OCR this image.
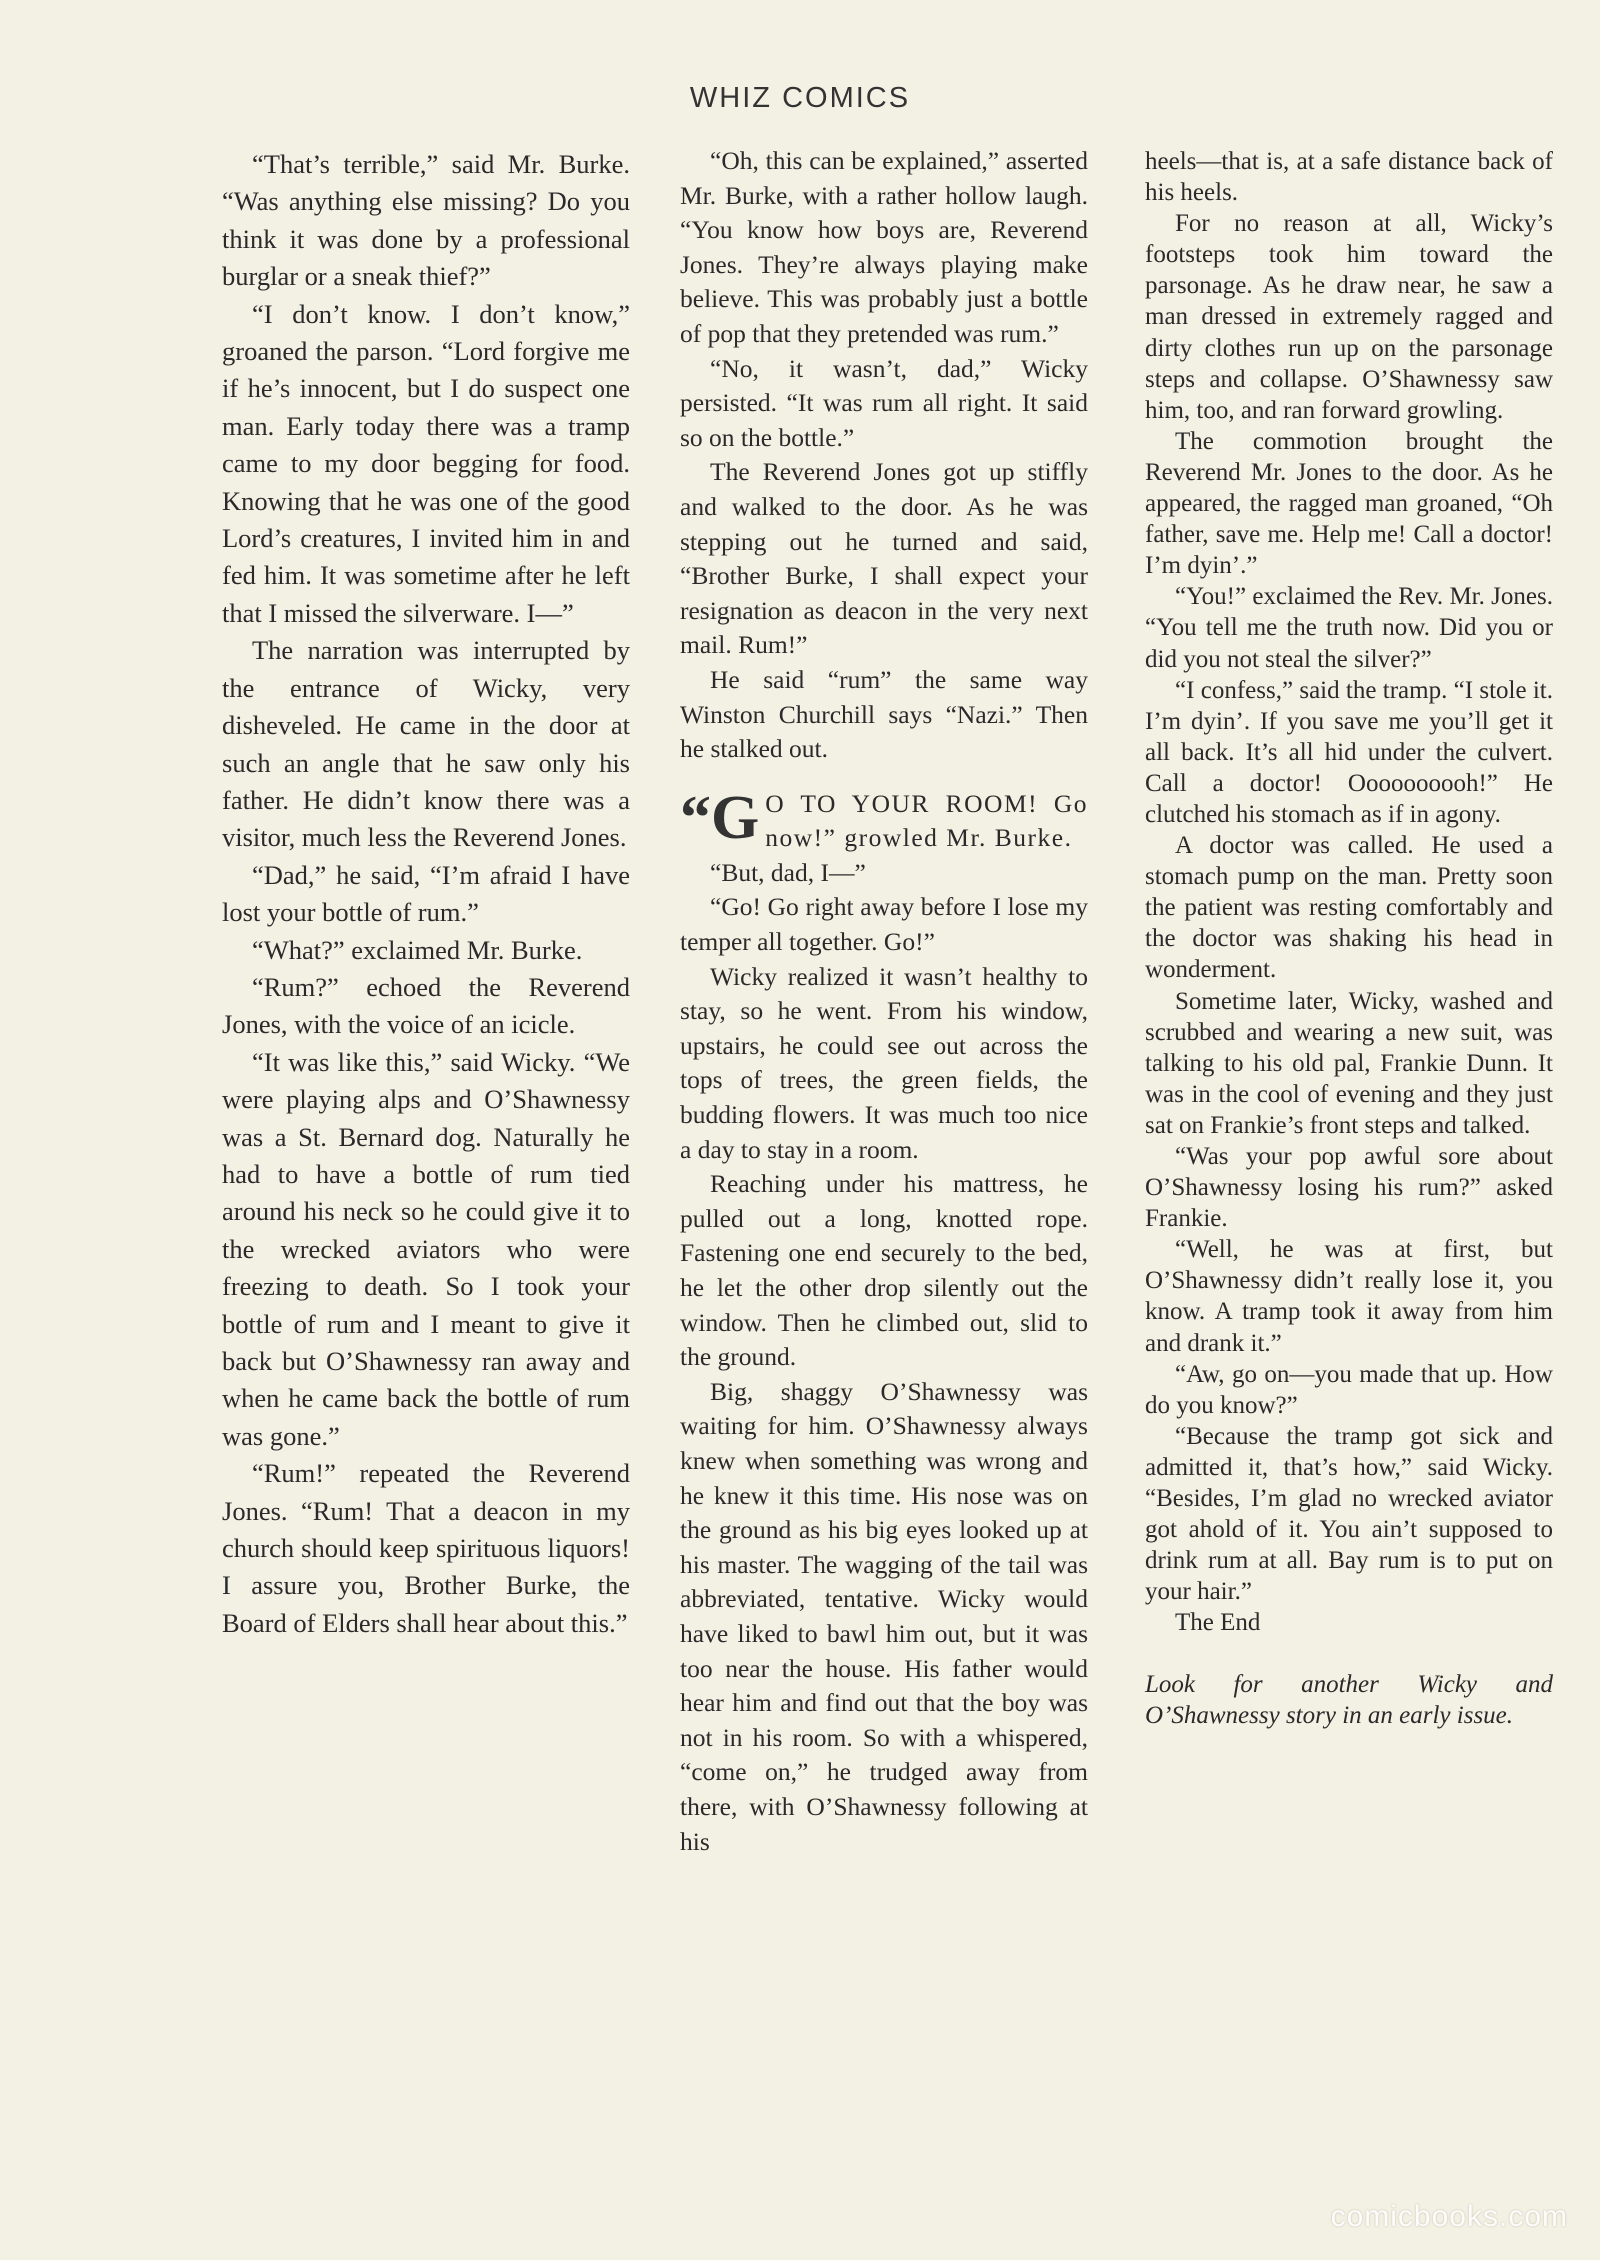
WHIZ COMICS

“That’s terrible,” said Mr. Burke. “Was anything else missing? Do you think it was done by a professional burglar or a sneak thief?”

“I don’t know. I don’t know,” groaned the parson. “Lord forgive me if he’s innocent, but I do suspect one man. Early today there was a tramp came to my door begging for food. Knowing that he was one of the good Lord’s creatures, I invited him in and fed him. It was sometime after he left that I missed the silverware. I—”

The narration was interrupted by the entrance of Wicky, very disheveled. He came in the door at such an angle that he saw only his father. He didn’t know there was a visitor, much less the Reverend Jones.

“Dad,” he said, “I’m afraid I have lost your bottle of rum.”

“What?” exclaimed Mr. Burke.

“Rum?” echoed the Reverend Jones, with the voice of an icicle.

“It was like this,” said Wicky. “We were playing alps and O’Shawnessy was a St. Bernard dog. Naturally he had to have a bottle of rum tied around his neck so he could give it to the wrecked aviators who were freezing to death. So I took your bottle of rum and I meant to give it back but O’Shawnessy ran away and when he came back the bottle of rum was gone.”

“Rum!” repeated the Reverend Jones. “Rum! That a deacon in my church should keep spirituous liquors! I assure you, Brother Burke, the Board of Elders shall hear about this.”

“Oh, this can be explained,” asserted Mr. Burke, with a rather hollow laugh. “You know how boys are, Reverend Jones. They’re always playing make believe. This was probably just a bottle of pop that they pretended was rum.”

“No, it wasn’t, dad,” Wicky persisted. “It was rum all right. It said so on the bottle.”

The Reverend Jones got up stiffly and walked to the door. As he was stepping out he turned and said, “Brother Burke, I shall expect your resignation as deacon in the very next mail. Rum!”

He said “rum” the same way Winston Churchill says “Nazi.” Then he stalked out.

“G O TO YOUR ROOM! Go now!” growled Mr. Burke.

“But, dad, I—”

“Go! Go right away before I lose my temper all together. Go!”

Wicky realized it wasn’t healthy to stay, so he went. From his window, upstairs, he could see out across the tops of trees, the green fields, the budding flowers. It was much too nice a day to stay in a room.

Reaching under his mattress, he pulled out a long, knotted rope. Fastening one end securely to the bed, he let the other drop silently out the window. Then he climbed out, slid to the ground.

Big, shaggy O’Shawnessy was waiting for him. O’Shawnessy always knew when something was wrong and he knew it this time. His nose was on the ground as his big eyes looked up at his master. The wagging of the tail was abbreviated, tentative. Wicky would have liked to bawl him out, but it was too near the house. His father would hear him and find out that the boy was not in his room. So with a whispered, “come on,” he trudged away from there, with O’Shawnessy following at his

heels—that is, at a safe distance back of his heels.

For no reason at all, Wicky’s footsteps took him toward the parsonage. As he draw near, he saw a man dressed in extremely ragged and dirty clothes run up on the parsonage steps and collapse. O’Shawnessy saw him, too, and ran forward growling.

The commotion brought the Reverend Mr. Jones to the door. As he appeared, the ragged man groaned, “Oh father, save me. Help me! Call a doctor! I’m dyin’.”

“You!” exclaimed the Rev. Mr. Jones. “You tell me the truth now. Did you or did you not steal the silver?”

“I confess,” said the tramp. “I stole it. I’m dyin’. If you save me you’ll get it all back. It’s all hid under the culvert. Call a doctor! Oooooooooh!” He clutched his stomach as if in agony.

A doctor was called. He used a stomach pump on the man. Pretty soon the patient was resting comfortably and the doctor was shaking his head in wonderment.

Sometime later, Wicky, washed and scrubbed and wearing a new suit, was talking to his old pal, Frankie Dunn. It was in the cool of evening and they just sat on Frankie’s front steps and talked.

“Was your pop awful sore about O’Shawnessy losing his rum?” asked Frankie.

“Well, he was at first, but O’Shawnessy didn’t really lose it, you know. A tramp took it away from him and drank it.”

“Aw, go on—you made that up. How do you know?”

“Because the tramp got sick and admitted it, that’s how,” said Wicky. “Besides, I’m glad no wrecked aviator got ahold of it. You ain’t supposed to drink rum at all. Bay rum is to put on your hair.”

The End

Look for another Wicky and O’Shawnessy story in an early issue.
comicbooks.com
